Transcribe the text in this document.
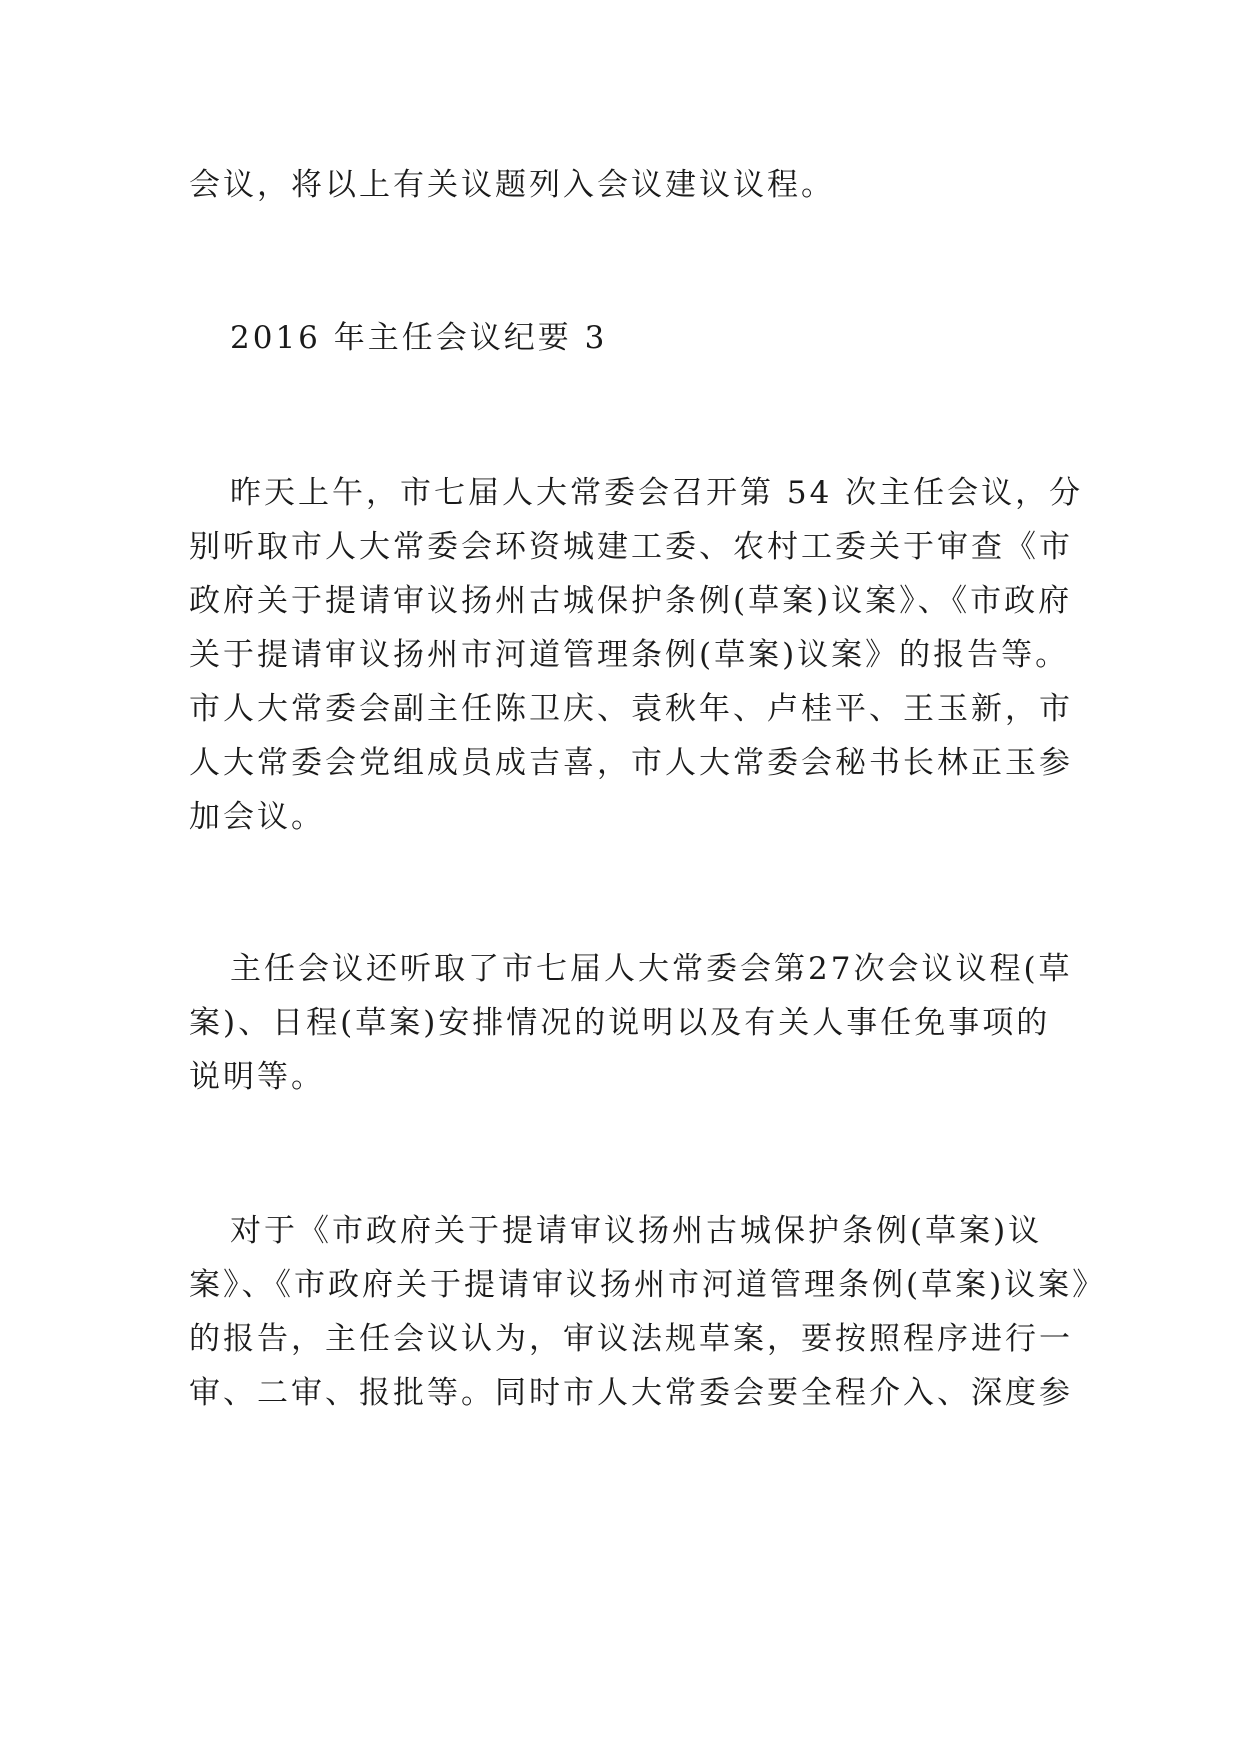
会议，将以上有关议题列入会议建议议程。
2016 年主任会议纪要 3
昨天上午，市七届人大常委会召开第 54 次主任会议，分
别听取市人大常委会环资城建工委、农村工委关于审查《市
政府关于提请审议扬州古城保护条例(草案)议案》、《市政府
关于提请审议扬州市河道管理条例(草案)议案》的报告等。
市人大常委会副主任陈卫庆、袁秋年、卢桂平、王玉新，市
人大常委会党组成员成吉喜，市人大常委会秘书长林正玉参
加会议。
主任会议还听取了市七届人大常委会第27次会议议程(草
案)、日程(草案)安排情况的说明以及有关人事任免事项的
说明等。
对于《市政府关于提请审议扬州古城保护条例(草案)议
案》、《市政府关于提请审议扬州市河道管理条例(草案)议案》
的报告，主任会议认为，审议法规草案，要按照程序进行一
审、二审、报批等。同时市人大常委会要全程介入、深度参
